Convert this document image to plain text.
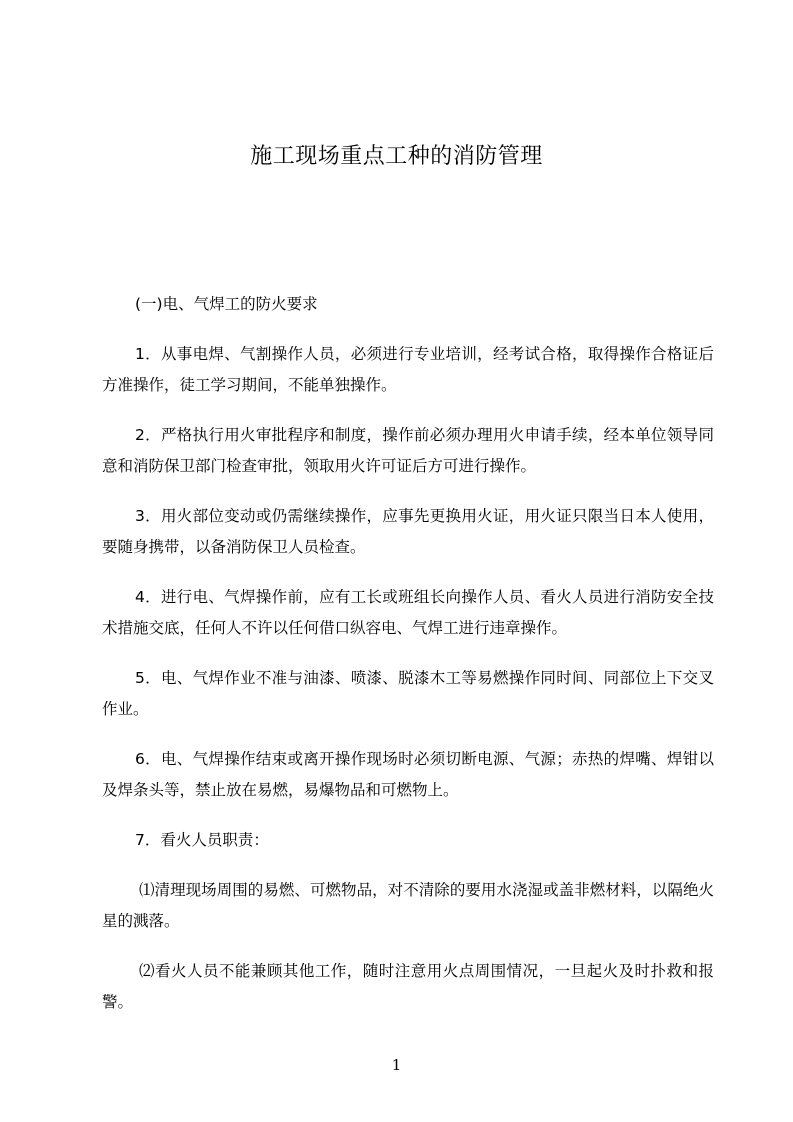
施工现场重点工种的消防管理

(一)电、气焊工的防火要求

1．从事电焊、气割操作人员，必须进行专业培训，经考试合格，取得操作合格证后方准操作，徒工学习期间，不能单独操作。

2．严格执行用火审批程序和制度，操作前必须办理用火申请手续，经本单位领导同意和消防保卫部门检查审批，领取用火许可证后方可进行操作。

3．用火部位变动或仍需继续操作，应事先更换用火证，用火证只限当日本人使用，要随身携带，以备消防保卫人员检查。

4．进行电、气焊操作前，应有工长或班组长向操作人员、看火人员进行消防安全技术措施交底，任何人不许以任何借口纵容电、气焊工进行违章操作。

5．电、气焊作业不准与油漆、喷漆、脱漆木工等易燃操作同时间、同部位上下交叉作业。

6．电、气焊操作结束或离开操作现场时必须切断电源、气源；赤热的焊嘴、焊钳以及焊条头等，禁止放在易燃，易爆物品和可燃物上。

7．看火人员职责：

⑴清理现场周围的易燃、可燃物品，对不清除的要用水浇湿或盖非燃材料，以隔绝火星的溅落。

⑵看火人员不能兼顾其他工作，随时注意用火点周围情况，一旦起火及时扑救和报警。

1
